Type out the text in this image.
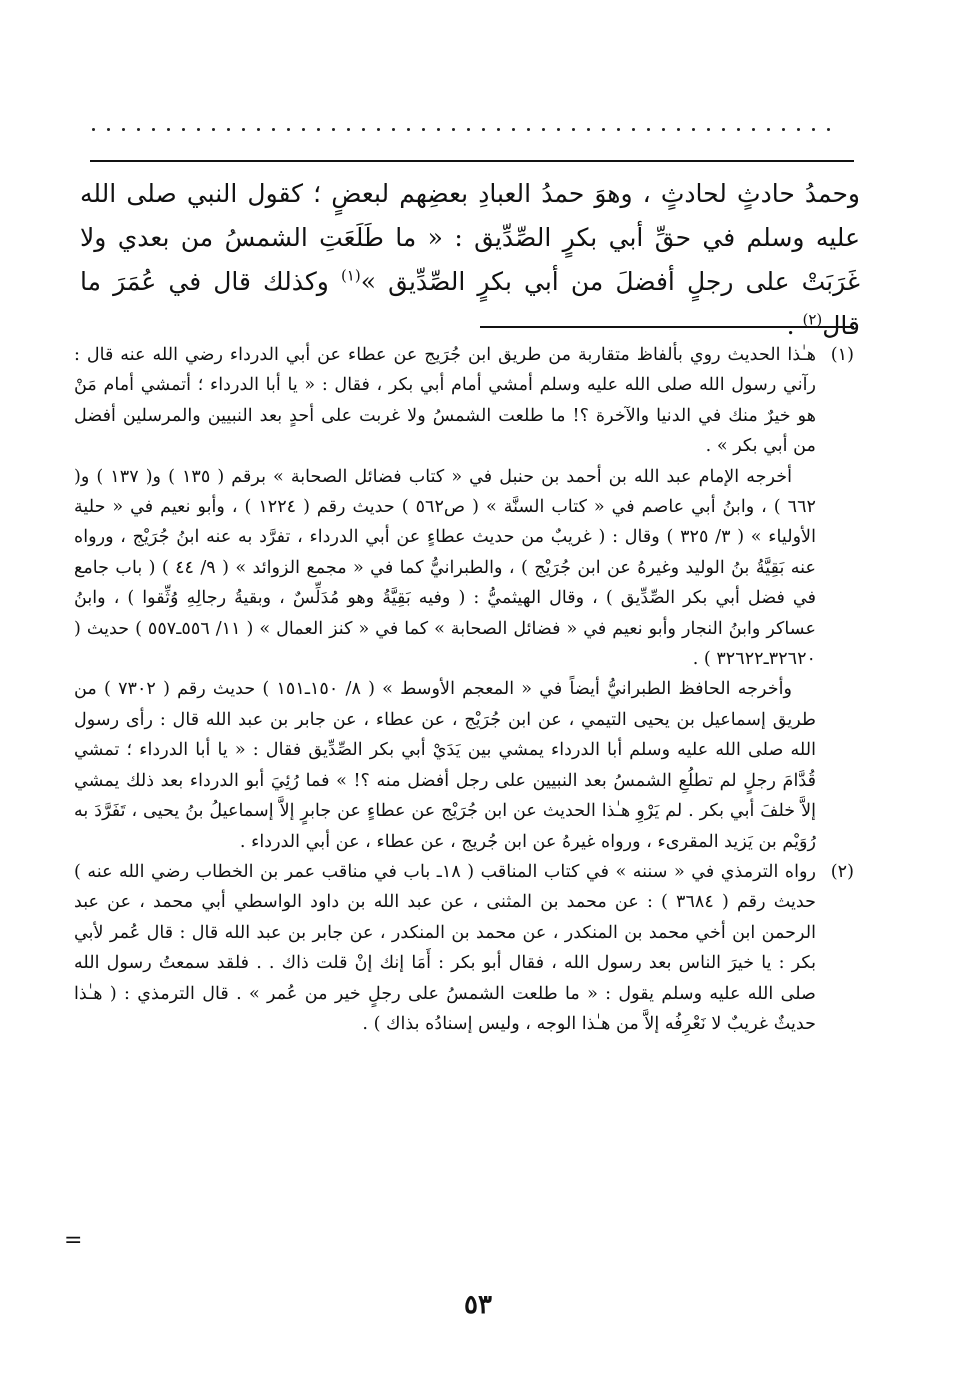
وحمدُ حادثٍ لحادثٍ ، وهوَ حمدُ العبادِ بعضِهم لبعضٍ ؛ كقول النبي صلى الله عليه وسلم في حقِّ أبي بكرٍ الصِّدِّيق : « ما طَلَعَتِ الشمسُ من بعدي ولا غَرَبَتْ على رجلٍ أفضلَ من أبي بكرٍ الصِّدِّيق »$^{(١)}$ وكذلك قال في عُمَرَ ما قال$^{(٢)}$ .
(١)

هـٰذا الحديث روي بألفاظ متقاربة من طريق ابن جُرَيج عن عطاء عن أبي الدرداء رضي الله عنه قال : رآني رسول الله صلى الله عليه وسلم أمشي أمام أبي بكر ، فقال : « يا أبا الدرداء ؛ أتمشي أمام مَنْ هو خيرٌ منك في الدنيا والآخرة ؟! ما طلعت الشمسُ ولا غربت على أحدٍ بعد النبيين والمرسلين أفضل من أبي بكر » .

أخرجه الإمام عبد الله بن أحمد بن حنبل في « كتاب فضائل الصحابة » برقم ( ١٣٥ ) و( ١٣٧ ) و( ٦٦٢ ) ، وابنُ أبي عاصم في « كتاب السنَّة » ( ص٥٦٢ ) حديث رقم ( ١٢٢٤ ) ، وأبو نعيم في « حلية الأولياء » ( ٣/ ٣٢٥ ) وقال : ( غريبٌ من حديث عطاءٍ عن أبي الدرداء ، تفرَّد به عنه ابنُ جُرَيْج ، ورواه عنه بَقِيَّةُ بنُ الوليد وغيرهُ عن ابن جُرَيْج ) ، والطبرانيُّ كما في « مجمع الزوائد » ( ٩/ ٤٤ ) ( باب جامع في فضل أبي بكر الصِّدِّيق ) ، وقال الهيثميُّ : ( وفيه بَقِيَّةُ وهو مُدَلِّسٌ ، وبقيةُ رجالِهِ وُثِّقوا ) ، وابنُ عساكر وابنُ النجار وأبو نعيم في « فضائل الصحابة » كما في « كنز العمال » ( ١١/ ٥٥٦ـ٥٥٧ ) حديث ( ٣٢٦٢٠ـ٣٢٦٢٢ ) .

وأخرجه الحافظ الطبرانيُّ أيضاً في « المعجم الأوسط » ( ٨/ ١٥٠ـ١٥١ ) حديث رقم ( ٧٣٠٢ ) من طريق إسماعيل بن يحيى التيمي ، عن ابن جُرَيْج ، عن عطاء ، عن جابر بن عبد الله قال : رأى رسول الله صلى الله عليه وسلم أبا الدرداء يمشي بين يَدَيْ أبي بكر الصِّدِّيق فقال : « يا أبا الدرداء ؛ تمشي قُدَّامَ رجلٍ لم تطلُعِ الشمسُ بعد النبيين على رجل أفضل منه ؟! » فما رُئِيَ أبو الدرداء بعد ذلك يمشي إلاَّ خلفَ أبي بكر . لم يَرْوِ هـٰذا الحديث عن ابن جُرَيْج عن عطاءٍ عن جابرٍ إلاَّ إسماعيلُ بنُ يحيى ، تَفَرَّدَ به رُوَيْم بن يَزيد المقرىء ، ورواه غيرهُ عن ابن جُريج ، عن عطاء ، عن أبي الدرداء .

(٢)

رواه الترمذي في « سننه » في كتاب المناقب ( ١٨ـ باب في مناقب عمر بن الخطاب رضي الله عنه ) حديث رقم ( ٣٦٨٤ ) : عن محمد بن المثنى ، عن عبد الله بن داود الواسطي أبي محمد ، عن عبد الرحمن ابن أخي محمد بن المنكدر ، عن محمد بن المنكدر ، عن جابر بن عبد الله قال : قال عُمر لأبي بكر : يا خيرَ الناس بعد رسول الله ، فقال أبو بكر : أَمَا إنك إنْ قلت ذاك . . فلقد سمعتُ رسول الله صلى الله عليه وسلم يقول : « ما طلعت الشمسُ على رجلٍ خير من عُمر » . قال الترمذي : ( هـٰذا حديثٌ غريبٌ لا نَعْرِفُه إلاَّ من هـٰذا الوجه ، وليس إسنادُه بذاك ) .

=
٥٣
